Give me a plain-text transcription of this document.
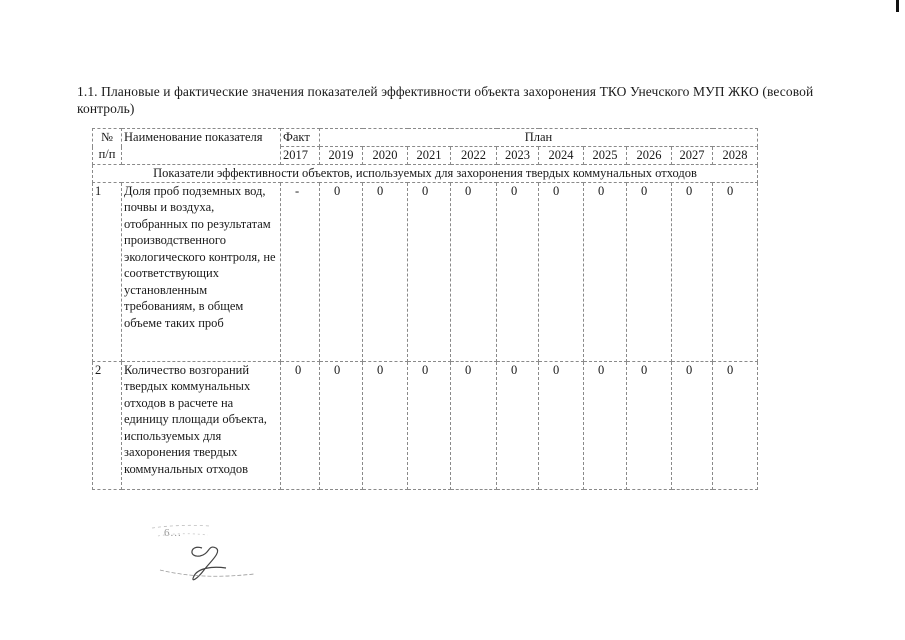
1.1. Плановые и фактические значения показателей эффективности объекта захоронения ТКО Унечского МУП ЖКО (весовой контроль)
№ п/п	Наименование показателя	Факт	План									
		2017	2019	2020	2021	2022	2023	2024	2025	2026	2027	2028
Показатели эффективности объектов, используемых для захоронения твердых коммунальных отходов												
1	Доля проб подземных вод, почвы и воздуха, отобранных по результатам производственного экологического контроля, не соответствующих установленным требованиям, в общем объеме таких проб	-	0	0	0	0	0	0	0	0	0	0
2	Количество возгораний твердых коммунальных отходов в расчете на единицу площади объекта, используемых для захоронения твердых коммунальных отходов	0	0	0	0	0	0	0	0	0	0	0
6...
